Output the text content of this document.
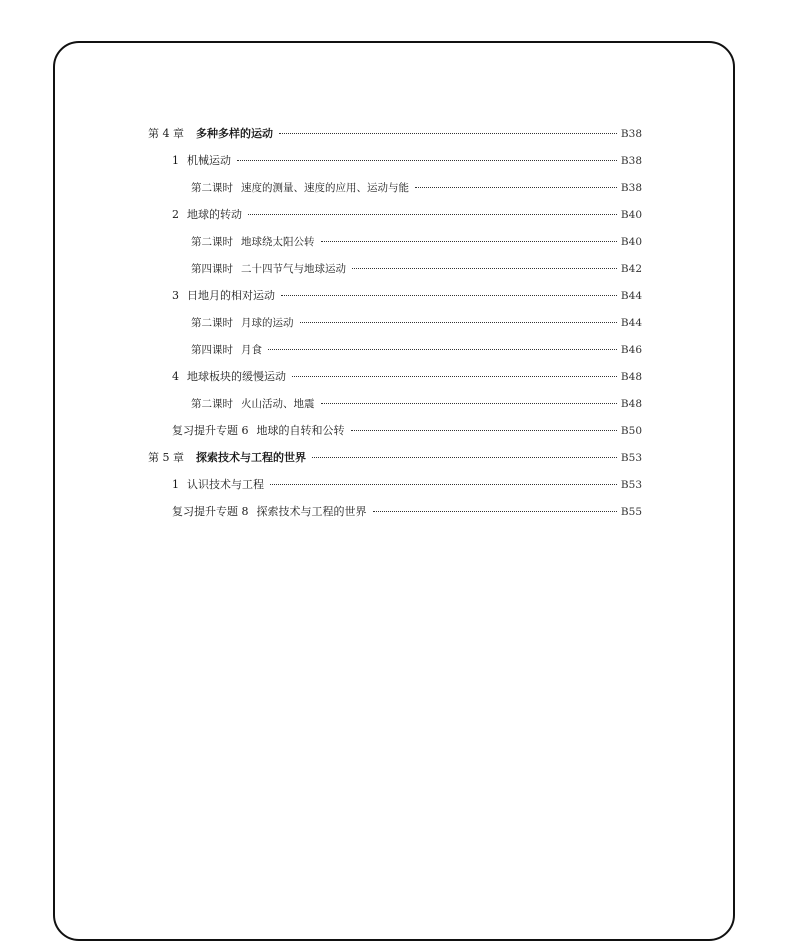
第 4 章 多种多样的运动	B38
1 机械运动	B38
第二课时 速度的测量、速度的应用、运动与能	B38
2 地球的转动	B40
第二课时 地球绕太阳公转	B40
第四课时 二十四节气与地球运动	B42
3 日地月的相对运动	B44
第二课时 月球的运动	B44
第四课时 月食	B46
4 地球板块的缓慢运动	B48
第二课时 火山活动、地震	B48
复习提升专题 6 地球的自转和公转	B50
第 5 章 探索技术与工程的世界	B53
1 认识技术与工程	B53
复习提升专题 8 探索技术与工程的世界	B55
